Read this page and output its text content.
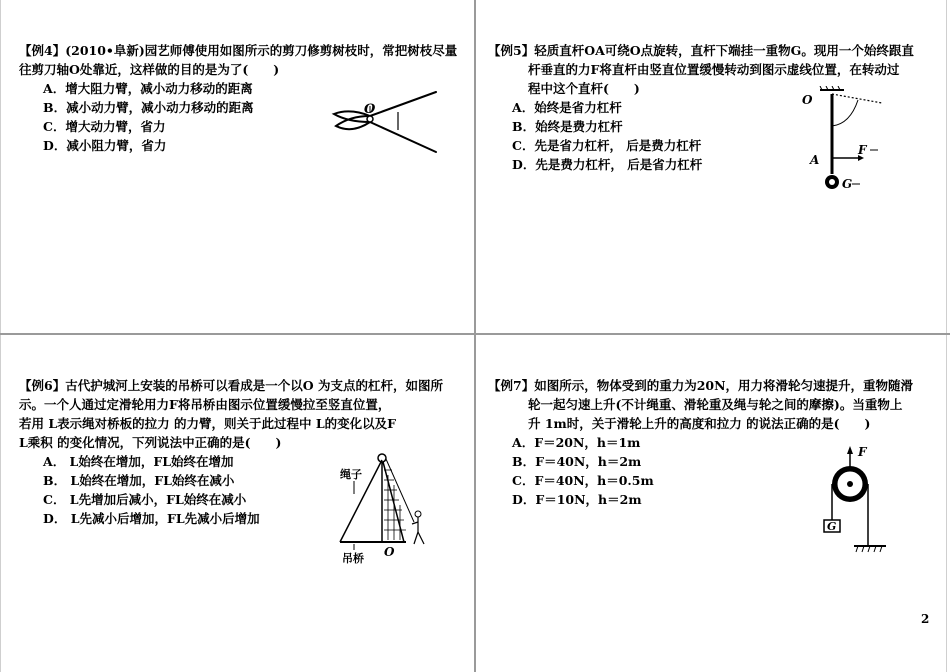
【例4】(2010•阜新)园艺师傅使用如图所示的剪刀修剪树枝时，常把树枝尽量
往剪刀轴O处靠近，这样做的目的是为了(　　)
A．增大阻力臂，减小动力移动的距离
B．减小动力臂，减小动力移动的距离
C．增大动力臂，省力
D．减小阻力臂，省力
O
【例5】轻质直杆OA可绕O点旋转，直杆下端挂一重物G。现用一个始终跟直
杆垂直的力F将直杆由竖直位置缓慢转动到图示虚线位置，在转动过
程中这个直杆(　　)
A．始终是省力杠杆
B．始终是费力杠杆
C．先是省力杠杆， 后是费力杠杆
D．先是费力杠杆， 后是省力杠杆
O
A
F
G
【例6】古代护城河上安装的吊桥可以看成是一个以O 为支点的杠杆，如图所
示。一个人通过定滑轮用力F将吊桥由图示位置缓慢拉至竖直位置，
若用 L表示绳对桥板的拉力 的力臂，则关于此过程中 L的变化以及F
L乘积 的变化情况，下列说法中正确的是(　　)
A． L始终在增加，FL始终在增加
B． L始终在增加，FL始终在减小
C． L先增加后减小，FL始终在减小
D． L先减小后增加，FL先减小后增加
绳子
吊桥 O
【例7】如图所示，物体受到的重力为20N，用力将滑轮匀速提升，重物随滑
轮一起匀速上升(不计绳重、滑轮重及绳与轮之间的摩擦)。当重物上
升 1m时，关于滑轮上升的高度和拉力 的说法正确的是(　　)
A．F＝20N，h＝1m
B．F＝40N，h＝2m
C．F＝40N，h＝0.5m
D．F＝10N，h＝2m
F
G
2
